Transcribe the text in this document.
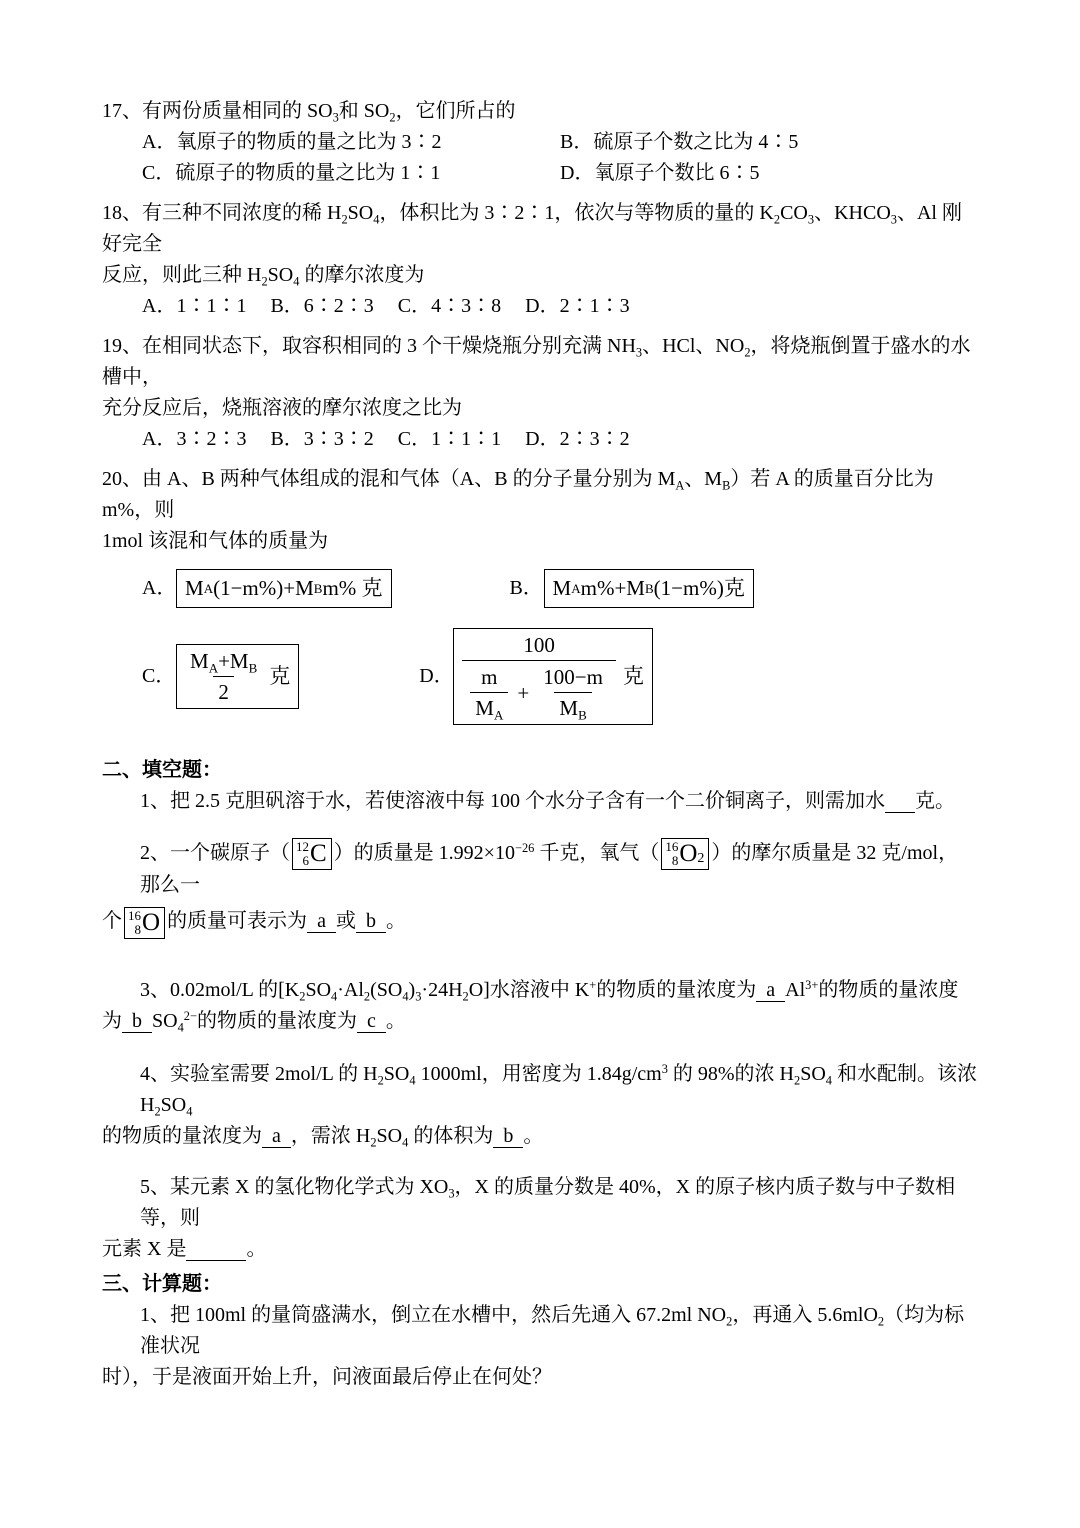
17、有两份质量相同的 $SO_3$和 $SO_2$，它们所占的

A．氧原子的物质的量之比为 3∶2	B．硫原子个数之比为 4∶5

C．硫原子的物质的量之比为 1∶1	D．氧原子个数比 6∶5

18、有三种不同浓度的稀 $H_2SO_4$，体积比为 3∶2∶1，依次与等物质的量的 $K_2CO_3$、$KHCO_3$、Al 刚好完全

反应，则此三种 $H_2SO_4$ 的摩尔浓度为

A．1∶1∶1 B．6∶2∶3 C．4∶3∶8 D．2∶1∶3

19、在相同状态下，取容积相同的 3 个干燥烧瓶分别充满 $NH_3$、HCl、$NO_2$，将烧瓶倒置于盛水的水槽中，

充分反应后，烧瓶溶液的摩尔浓度之比为

A．3∶2∶3 B．3∶3∶2 C．1∶1∶1 D．2∶3∶2

20、由 A、B 两种气体组成的混和气体（A、B 的分子量分别为 $M_A$、$M_B$）若 A 的质量百分比为 m%，则

1mol 该混和气体的质量为

A． M A (1−m%)+M B m% 克	B． M A m%+M B (1−m%)克
C． $\frac{M_A+M_B}{2}$ 克	D．
100
$\frac{m}{M_A} + \frac{100-m}{M_B}$ 克

二、填空题：

1、把 2.5 克胆矾溶于水，若使溶液中每 100 个水分子含有一个二价铜离子，则需加水 克。

2、一个碳原子（ 12
6 C ）的质量是 $1.992\times 10^{-26}$ 千克，氧气（ 16
8 O 2 ）的摩尔质量是 32 克/mol，那么一

个 16
8 O 的质量可表示为  a  或  b  。

3、0.02mol/L 的$[K_2SO_4\cdot Al_2(SO_4)_3\cdot 24H_2O]$水溶液中 K+的物质的量浓度为  a  $Al^{3+}$的物质的量浓度

为  b  $SO_4^{2-}$的物质的量浓度为  c  。

4、实验室需要 2mol/L 的 $H_2SO_4$ 1000ml，用密度为 $1.84g/cm^3$ 的 98%的浓 $H_2SO_4$ 和水配制。该浓 $H_2SO_4$

的物质的量浓度为  a  ，需浓 $H_2SO_4$ 的体积为  b  。

5、某元素 X 的氢化物化学式为 $XO_3$，X 的质量分数是 40%，X 的原子核内质子数与中子数相等，则

元素 X 是	。

三、计算题：

1、把 100ml 的量筒盛满水，倒立在水槽中，然后先通入 67.2ml $NO_2$，再通入 5.6mlO$_2$（均为标准状况

时），于是液面开始上升，问液面最后停止在何处？
